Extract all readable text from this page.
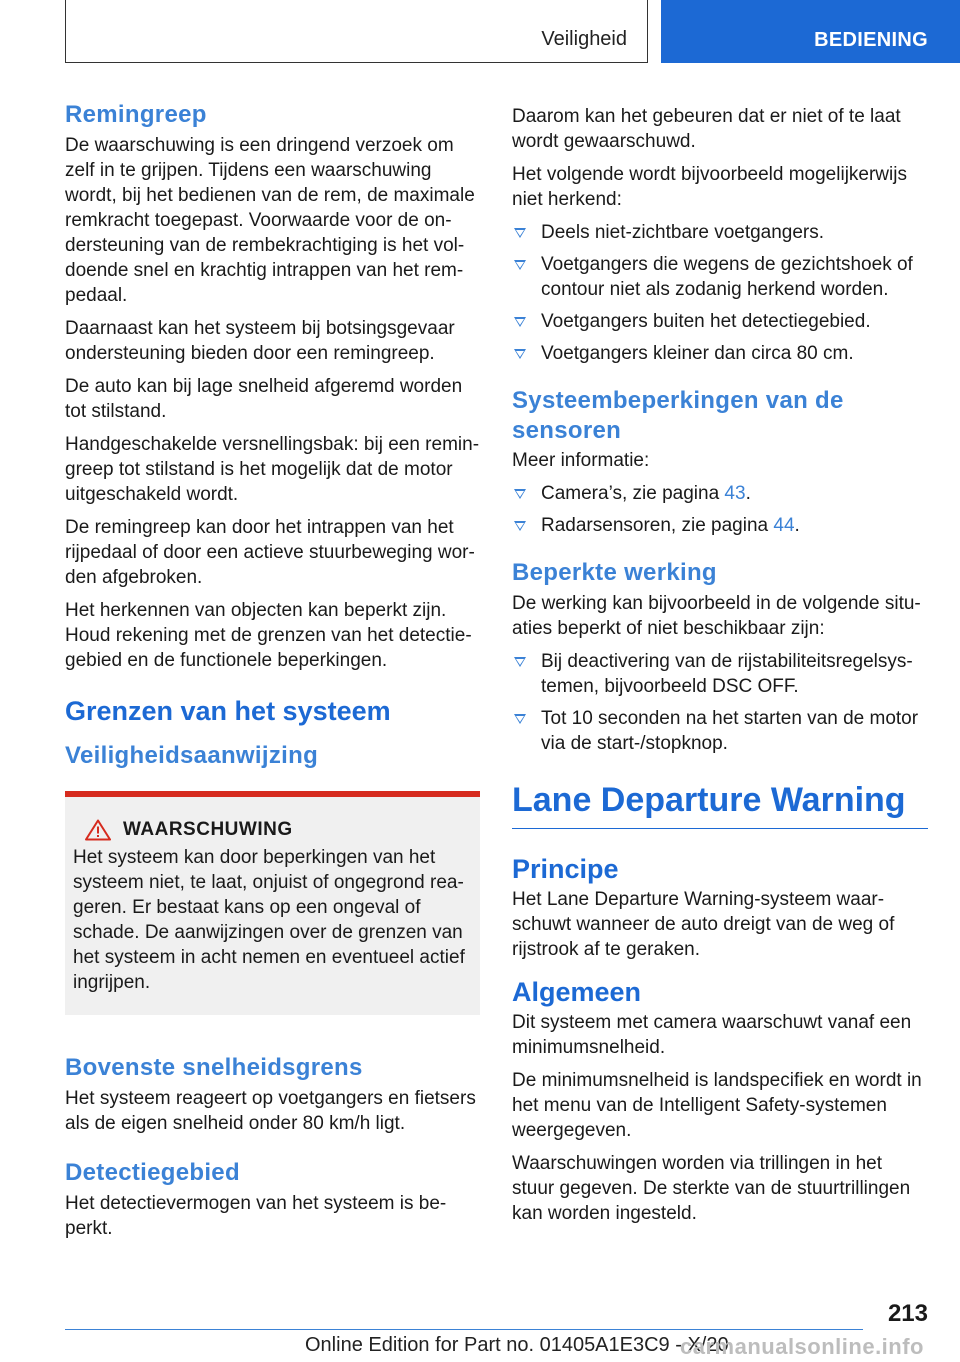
Veiligheid	BEDIENING
Remingreep

De waarschuwing is een dringend verzoek om zelf in te grijpen. Tijdens een waarschuwing wordt, bij het bedienen van de rem, de maximale remkracht toegepast. Voorwaarde voor de ondersteuning van de rembekrachtiging is het voldoende snel en krachtig intrappen van het rempedaal.

Daarnaast kan het systeem bij botsingsgevaar ondersteuning bieden door een remingreep.

De auto kan bij lage snelheid afgeremd worden tot stilstand.

Handgeschakelde versnellingsbak: bij een remingreep tot stilstand is het mogelijk dat de motor uitgeschakeld wordt.

De remingreep kan door het intrappen van het rijpedaal of door een actieve stuurbeweging worden afgebroken.

Het herkennen van objecten kan beperkt zijn. Houd rekening met de grenzen van het detectiegebied en de functionele beperkingen.

Grenzen van het systeem
Veiligheidsaanwijzing
WAARSCHUWING

Het systeem kan door beperkingen van het systeem niet, te laat, onjuist of ongegrond reageren. Er bestaat kans op een ongeval of schade. De aanwijzingen over de grenzen van het systeem in acht nemen en eventueel actief ingrijpen.

Bovenste snelheidsgrens

Het systeem reageert op voetgangers en fietsers als de eigen snelheid onder 80 km/h ligt.

Detectiegebied

Het detectievermogen van het systeem is beperkt.

Daarom kan het gebeuren dat er niet of te laat wordt gewaarschuwd.

Het volgende wordt bijvoorbeeld mogelijkerwijs niet herkend:

Deels niet-zichtbare voetgangers.
Voetgangers die wegens de gezichtshoek of contour niet als zodanig herkend worden.
Voetgangers buiten het detectiegebied.
Voetgangers kleiner dan circa 80 cm.
Systeembeperkingen van de sensoren

Meer informatie:

Camera’s, zie pagina 43.
Radarsensoren, zie pagina 44.
Beperkte werking

De werking kan bijvoorbeeld in de volgende situaties beperkt of niet beschikbaar zijn:

Bij deactivering van de rijstabiliteitsregelsystemen, bijvoorbeeld DSC OFF.
Tot 10 seconden na het starten van de motor via de start-/stopknop.
Lane Departure Warning
Principe

Het Lane Departure Warning-systeem waarschuwt wanneer de auto dreigt van de weg of rijstrook af te geraken.

Algemeen

Dit systeem met camera waarschuwt vanaf een minimumsnelheid.

De minimumsnelheid is landspecifiek en wordt in het menu van de Intelligent Safety-systemen weergegeven.

Waarschuwingen worden via trillingen in het stuur gegeven. De sterkte van de stuurtrillingen kan worden ingesteld.

213
Online Edition for Part no. 01405A1E3C9 - X/20
carmanualsonline.info
